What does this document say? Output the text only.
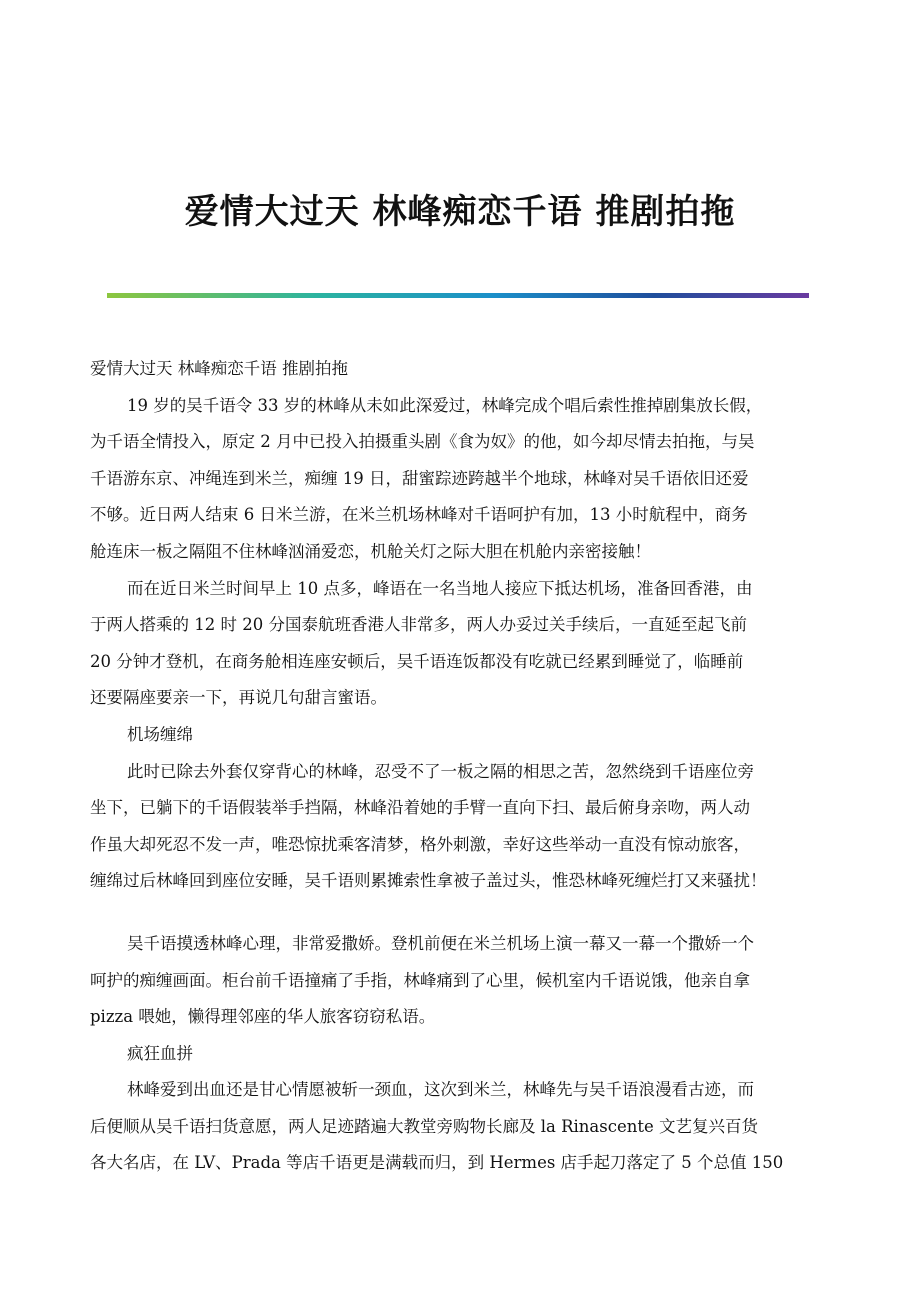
爱情大过天 林峰痴恋千语 推剧拍拖
爱情大过天 林峰痴恋千语 推剧拍拖
19 岁的吴千语令 33 岁的林峰从未如此深爱过，林峰完成个唱后索性推掉剧集放长假，
为千语全情投入，原定 2 月中已投入拍摄重头剧《食为奴》的他，如今却尽情去拍拖，与吴
千语游东京、冲绳连到米兰，痴缠 19 日，甜蜜踪迹跨越半个地球，林峰对吴千语依旧还爱
不够。近日两人结束 6 日米兰游，在米兰机场林峰对千语呵护有加，13 小时航程中，商务
舱连床一板之隔阻不住林峰汹涌爱恋，机舱关灯之际大胆在机舱内亲密接触！
而在近日米兰时间早上 10 点多，峰语在一名当地人接应下抵达机场，准备回香港，由
于两人搭乘的 12 时 20 分国泰航班香港人非常多，两人办妥过关手续后，一直延至起飞前
20 分钟才登机，在商务舱相连座安顿后，吴千语连饭都没有吃就已经累到睡觉了，临睡前
还要隔座要亲一下，再说几句甜言蜜语。
机场缠绵
此时已除去外套仅穿背心的林峰，忍受不了一板之隔的相思之苦，忽然绕到千语座位旁
坐下，已躺下的千语假装举手挡隔，林峰沿着她的手臂一直向下扫、最后俯身亲吻，两人动
作虽大却死忍不发一声，唯恐惊扰乘客清梦，格外刺激，幸好这些举动一直没有惊动旅客，
缠绵过后林峰回到座位安睡，吴千语则累摊索性拿被子盖过头，惟恐林峰死缠烂打又来骚扰！
吴千语摸透林峰心理，非常爱撒娇。登机前便在米兰机场上演一幕又一幕一个撒娇一个
呵护的痴缠画面。柜台前千语撞痛了手指，林峰痛到了心里，候机室内千语说饿，他亲自拿
pizza 喂她，懒得理邻座的华人旅客窃窃私语。
疯狂血拼
林峰爱到出血还是甘心情愿被斩一颈血，这次到米兰，林峰先与吴千语浪漫看古迹，而
后便顺从吴千语扫货意愿，两人足迹踏遍大教堂旁购物长廊及 la Rinascente 文艺复兴百货
各大名店，在 LV、Prada 等店千语更是满载而归，到 Hermes 店手起刀落定了 5 个总值 150
